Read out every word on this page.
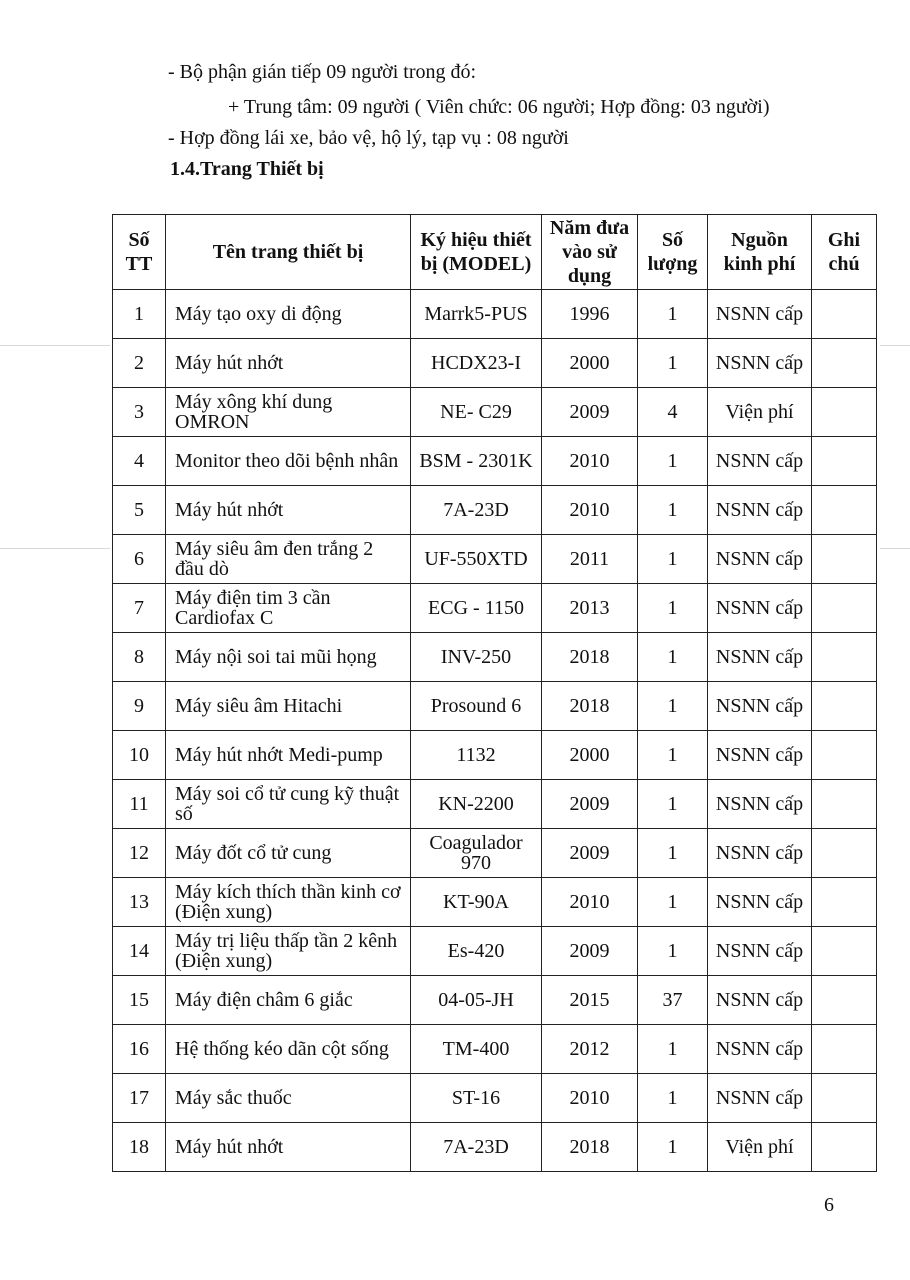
- Bộ phận gián tiếp 09 người trong đó:
+ Trung tâm: 09 người ( Viên chức: 06 người; Hợp đồng: 03 người)
- Hợp đồng lái xe, bảo vệ, hộ lý, tạp vụ : 08 người
1.4.Trang Thiết bị
Số TT	Tên trang thiết bị	Ký hiệu thiết bị (MODEL)	Năm đưa vào sử dụng	Số lượng	Nguồn kinh phí	Ghi chú
1	Máy tạo oxy di động	Marrk5-PUS	1996	1	NSNN cấp	
2	Máy hút nhớt	HCDX23-I	2000	1	NSNN cấp	
3	Máy xông khí dung OMRON	NE- C29	2009	4	Viện phí	
4	Monitor theo dõi bệnh nhân	BSM - 2301K	2010	1	NSNN cấp	
5	Máy hút nhớt	7A-23D	2010	1	NSNN cấp	
6	Máy siêu âm đen trắng 2 đầu dò	UF-550XTD	2011	1	NSNN cấp	
7	Máy điện tim 3 cần Cardiofax C	ECG - 1150	2013	1	NSNN cấp	
8	Máy nội soi tai mũi họng	INV-250	2018	1	NSNN cấp	
9	Máy siêu âm Hitachi	Prosound 6	2018	1	NSNN cấp	
10	Máy hút nhớt Medi-pump	1132	2000	1	NSNN cấp	
11	Máy soi cổ tử cung kỹ thuật số	KN-2200	2009	1	NSNN cấp	
12	Máy đốt cổ tử cung	Coagulador 970	2009	1	NSNN cấp	
13	Máy kích thích thần kinh cơ (Điện xung)	KT-90A	2010	1	NSNN cấp	
14	Máy trị liệu thấp tần 2 kênh (Điện xung)	Es-420	2009	1	NSNN cấp	
15	Máy điện châm 6 giắc	04-05-JH	2015	37	NSNN cấp	
16	Hệ thống kéo dãn cột sống	TM-400	2012	1	NSNN cấp	
17	Máy sắc thuốc	ST-16	2010	1	NSNN cấp	
18	Máy hút nhớt	7A-23D	2018	1	Viện phí	
6
